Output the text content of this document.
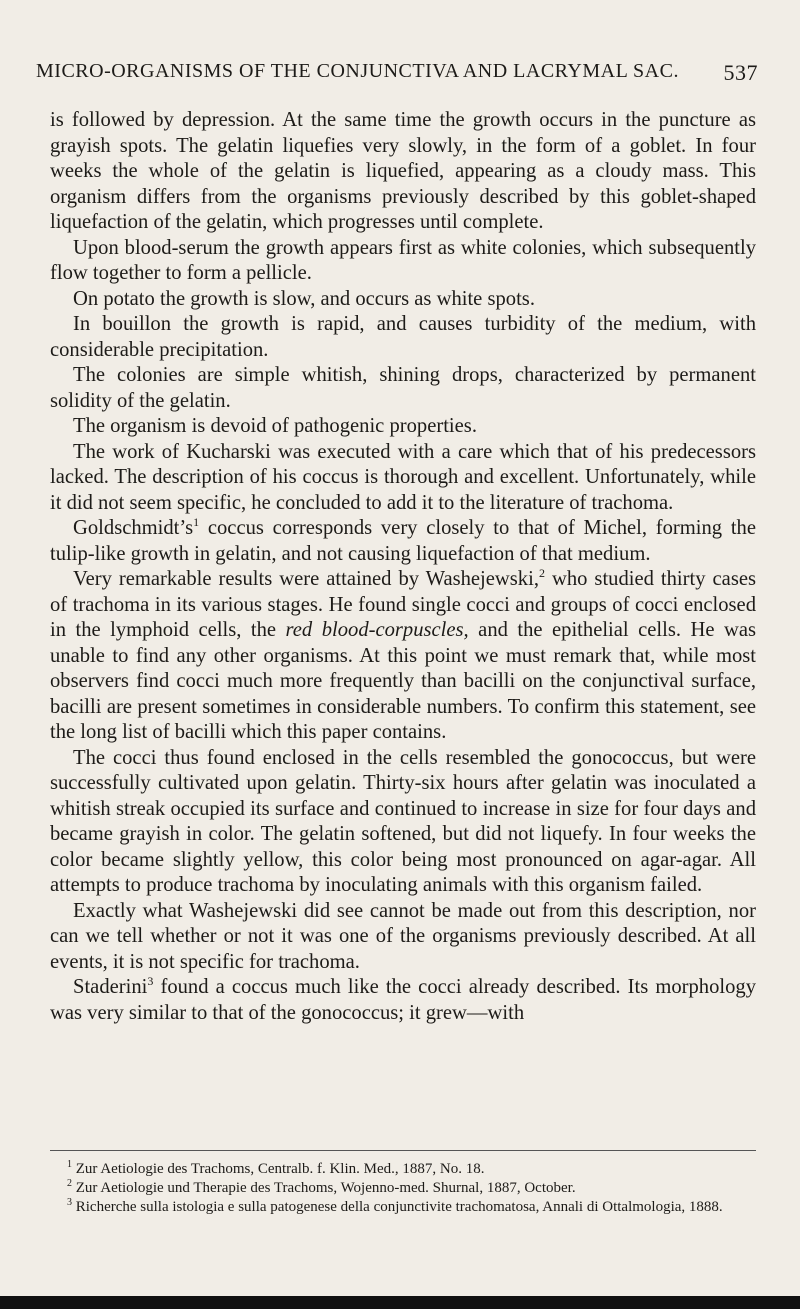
MICRO-ORGANISMS OF THE CONJUNCTIVA AND LACRYMAL SAC. 537

is followed by depression. At the same time the growth occurs in the puncture as grayish spots. The gelatin liquefies very slowly, in the form of a goblet. In four weeks the whole of the gelatin is liquefied, appearing as a cloudy mass. This organism differs from the organisms previously described by this goblet-shaped liquefaction of the gelatin, which progresses until complete.

Upon blood-serum the growth appears first as white colonies, which subsequently flow together to form a pellicle.

On potato the growth is slow, and occurs as white spots.

In bouillon the growth is rapid, and causes turbidity of the medium, with considerable precipitation.

The colonies are simple whitish, shining drops, characterized by permanent solidity of the gelatin.

The organism is devoid of pathogenic properties.

The work of Kucharski was executed with a care which that of his predecessors lacked. The description of his coccus is thorough and excellent. Unfortunately, while it did not seem specific, he concluded to add it to the literature of trachoma.

$Goldschmidt’s^1$ coccus corresponds very closely to that of Michel, forming the tulip-like growth in gelatin, and not causing liquefaction of that medium.

Very remarkable results were attained by Washejewski,$^2$ who studied thirty cases of trachoma in its various stages. He found single cocci and groups of cocci enclosed in the lymphoid cells, the red blood-corpuscles, and the epithelial cells. He was unable to find any other organisms. At this point we must remark that, while most observers find cocci much more frequently than bacilli on the conjunctival surface, bacilli are present sometimes in considerable numbers. To confirm this statement, see the long list of bacilli which this paper contains.

The cocci thus found enclosed in the cells resembled the gonococcus, but were successfully cultivated upon gelatin. Thirty-six hours after gelatin was inoculated a whitish streak occupied its surface and continued to increase in size for four days and became grayish in color. The gelatin softened, but did not liquefy. In four weeks the color became slightly yellow, this color being most pronounced on agar-agar. All attempts to produce trachoma by inoculating animals with this organism failed.

Exactly what Washejewski did see cannot be made out from this description, nor can we tell whether or not it was one of the organisms previously described. At all events, it is not specific for trachoma.

Staderini$^3$ found a coccus much like the cocci already described. Its morphology was very similar to that of the gonococcus; it grew—with

$^1$ Zur Aetiologie des Trachoms, Centralb. f. Klin. Med., 1887, No. 18.

$^2$ Zur Aetiologie und Therapie des Trachoms, Wojenno-med. Shurnal, 1887, October.

$^3$ Richerche sulla istologia e sulla patogenese della conjunctivite trachomatosa, Annali di Ottalmologia, 1888.
